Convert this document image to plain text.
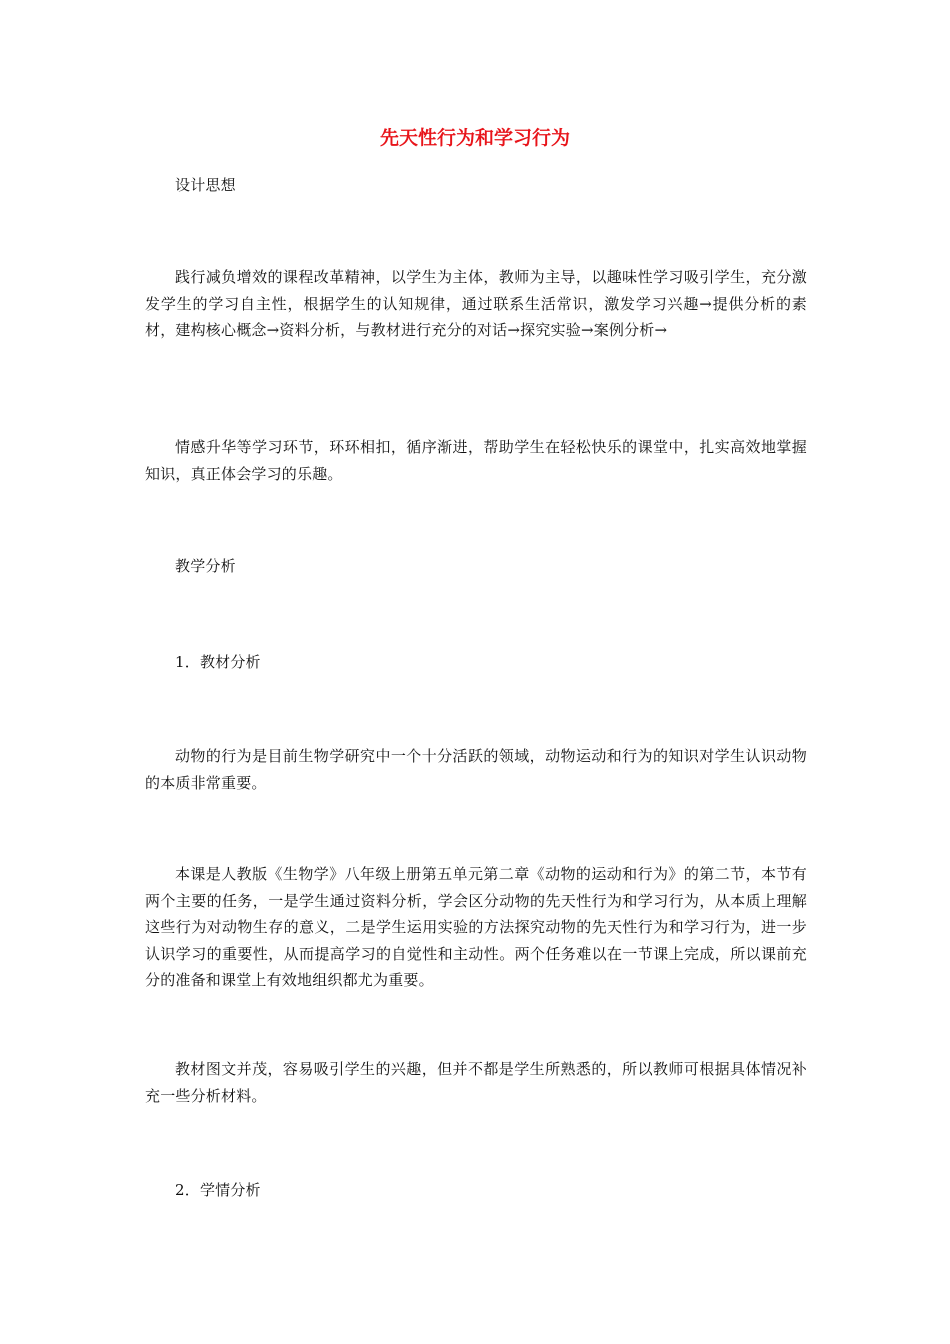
先天性行为和学习行为
设计思想
践行减负增效的课程改革精神，以学生为主体，教师为主导，以趣味性学习吸引学生，充分激发学生的学习自主性，根据学生的认知规律，通过联系生活常识，激发学习兴趣→提供分析的素材，建构核心概念→资料分析，与教材进行充分的对话→探究实验→案例分析→
情感升华等学习环节，环环相扣，循序渐进，帮助学生在轻松快乐的课堂中，扎实高效地掌握知识，真正体会学习的乐趣。
教学分析
1．教材分析
动物的行为是目前生物学研究中一个十分活跃的领域，动物运动和行为的知识对学生认识动物的本质非常重要。
本课是人教版《生物学》八年级上册第五单元第二章《动物的运动和行为》的第二节，本节有两个主要的任务，一是学生通过资料分析，学会区分动物的先天性行为和学习行为，从本质上理解这些行为对动物生存的意义，二是学生运用实验的方法探究动物的先天性行为和学习行为，进一步认识学习的重要性，从而提高学习的自觉性和主动性。两个任务难以在一节课上完成，所以课前充分的准备和课堂上有效地组织都尤为重要。
教材图文并茂，容易吸引学生的兴趣，但并不都是学生所熟悉的，所以教师可根据具体情况补充一些分析材料。
2．学情分析
